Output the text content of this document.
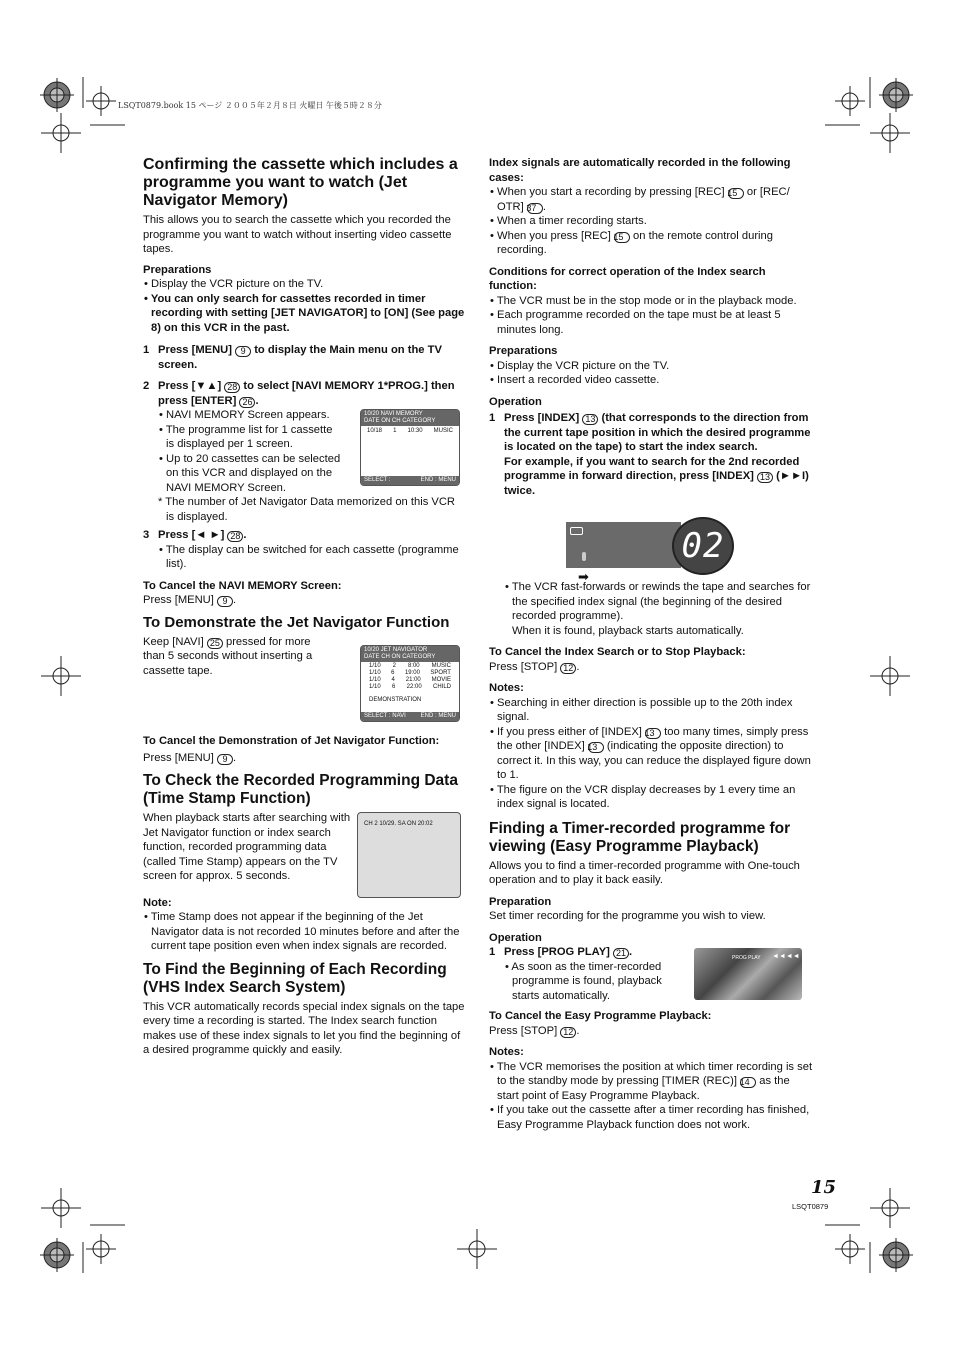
LSQT0879.book 15 ページ ２００５年２月８日 火曜日 午後５時２８分
Confirming the cassette which includes a programme you want to watch (Jet Navigator Memory)

This allows you to search the cassette which you recorded the programme you want to watch without inserting video cassette tapes.

Preparations

• Display the VCR picture on the TV.

• You can only search for cassettes recorded in timer recording with setting [JET NAVIGATOR] to [ON] (See page 8) on this VCR in the past.

1 Press [MENU] 9 to display the Main menu on the TV screen.
2 Press [▼▲] 28 to select [NAVI MEMORY 1*PROG.] then press [ENTER] 26 .

• NAVI MEMORY Screen appears.

• The programme list for 1 cassette is displayed per 1 screen.

• Up to 20 cassettes can be selected on this VCR and displayed on the NAVI MEMORY Screen.

* The number of Jet Navigator Data memorized on this VCR is displayed.

3 Press [◄ ►] 28 .

• The display can be switched for each cassette (programme list).

To Cancel the NAVI MEMORY Screen:

Press [MENU] 9 .

To Demonstrate the Jet Navigator Function

Keep [NAVI] 25 pressed for more than 5 seconds without inserting a cassette tape.

To Cancel the Demonstration of Jet Navigator Function:

Press [MENU] 9 .

To Check the Recorded Programming Data (Time Stamp Function)

When playback starts after searching with Jet Navigator function or index search function, recorded programming data (called Time Stamp) appears on the TV screen for approx. 5 seconds.

Note:

• Time Stamp does not appear if the beginning of the Jet Navigator data is not recorded 10 minutes before and after the current tape position even when index signals are recorded.

To Find the Beginning of Each Recording (VHS Index Search System)

This VCR automatically records special index signals on the tape every time a recording is started. The Index search function makes use of these index signals to let you find the beginning of a desired programme quickly and easily.

10/20 NAVI MEMORY
DATE ON CH CATEGORY
10/18 1 10:30 MUSIC
SELECT :	END : MENU
10/20 JET NAVIGATOR
DATE CH ON CATEGORY
1/10 2 8:00 MUSIC
1/10 6 19:00 SPORT
1/10 4 21:00 MOVIE
1/10 6 22:00 CHILD
DEMONSTRATION
SELECT : NAVI END : MENU
CH 2 10/29. SA ON 20:02

Index signals are automatically recorded in the following cases:

• When you start a recording by pressing [REC] 15 or [REC/ OTR] 37 .

• When a timer recording starts.

• When you press [REC] 15 on the remote control during recording.

Conditions for correct operation of the Index search function:

• The VCR must be in the stop mode or in the playback mode.

• Each programme recorded on the tape must be at least 5 minutes long.

Preparations

• Display the VCR picture on the TV.

• Insert a recorded video cassette.

Operation

1 Press [INDEX] 13 (that corresponds to the direction from the current tape position in which the desired programme is located on the tape) to start the index search.
For example, if you want to search for the 2nd recorded programme in forward direction, press [INDEX] 13 (►►I) twice.

• The VCR fast-forwards or rewinds the tape and searches for the specified index signal (the beginning of the desired recorded programme).

When it is found, playback starts automatically.

To Cancel the Index Search or to Stop Playback:

Press [STOP] 12 .

Notes:

• Searching in either direction is possible up to the 20th index signal.

• If you press either of [INDEX] 13 too many times, simply press the other [INDEX] 13 (indicating the opposite direction) to correct it. In this way, you can reduce the displayed figure down to 1.

• The figure on the VCR display decreases by 1 every time an index signal is located.

Finding a Timer-recorded programme for viewing (Easy Programme Playback)

Allows you to find a timer-recorded programme with One-touch operation and to play it back easily.

Preparation

Set timer recording for the programme you wish to view.

Operation

1 Press [PROG PLAY] 21 .

• As soon as the timer-recorded programme is found, playback starts automatically.

To Cancel the Easy Programme Playback:

Press [STOP] 12 .

Notes:

• The VCR memorises the position at which timer recording is set to the standby mode by pressing [TIMER (REC)] 14 as the start point of Easy Programme Playback.

• If you take out the cassette after a timer recording has finished, Easy Programme Playback function does not work.

02
➡
PROG PLAY ◄◄◄◄
15
LSQT0879
